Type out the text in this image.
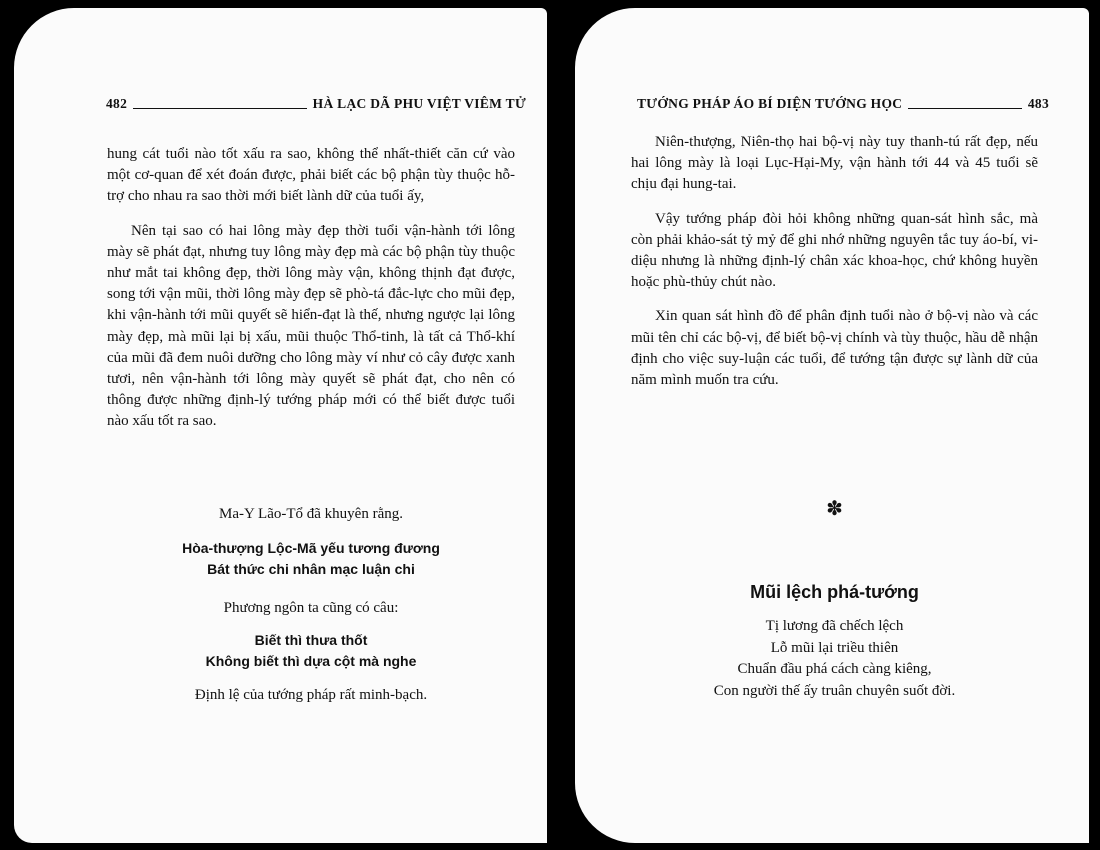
482	HÀ LẠC DÃ PHU VIỆT VIÊM TỬ

hung cát tuổi nào tốt xấu ra sao, không thể nhất-thiết căn cứ vào một cơ-quan để xét đoán được, phải biết các bộ phận tùy thuộc hỗ-trợ cho nhau ra sao thời mới biết lành dữ của tuổi ấy,

Nên tại sao có hai lông mày đẹp thời tuổi vận-hành tới lông mày sẽ phát đạt, nhưng tuy lông mày đẹp mà các bộ phận tùy thuộc như mắt tai không đẹp, thời lông mày vận, không thịnh đạt được, song tới vận mũi, thời lông mày đẹp sẽ phò-tá đắc-lực cho mũi đẹp, khi vận-hành tới mũi quyết sẽ hiển-đạt là thế, nhưng ngược lại lông mày đẹp, mà mũi lại bị xấu, mũi thuộc Thổ-tinh, là tất cả Thổ-khí của mũi đã đem nuôi dưỡng cho lông mày ví như cỏ cây được xanh tươi, nên vận-hành tới lông mày quyết sẽ phát đạt, cho nên có thông được những định-lý tướng pháp mới có thể biết được tuổi nào xấu tốt ra sao.

Ma-Y Lão-Tổ đã khuyên rằng.
Hòa-thượng Lộc-Mã yếu tương đương
Bát thức chi nhân mạc luận chi
Phương ngôn ta cũng có câu:
Biết thì thưa thốt
Không biết thì dựa cột mà nghe
Định lệ của tướng pháp rất minh-bạch.
TƯỚNG PHÁP ÁO BÍ DIỆN TƯỚNG HỌC	483

Niên-thượng, Niên-thọ hai bộ-vị này tuy thanh-tú rất đẹp, nếu hai lông mày là loại Lục-Hại-My, vận hành tới 44 và 45 tuổi sẽ chịu đại hung-tai.

Vậy tướng pháp đòi hỏi không những quan-sát hình sắc, mà còn phải khảo-sát tỷ mỷ để ghi nhớ những nguyên tắc tuy áo-bí, vi-diệu nhưng là những định-lý chân xác khoa-học, chứ không huyền hoặc phù-thủy chút nào.

Xin quan sát hình đồ để phân định tuổi nào ở bộ-vị nào và các mũi tên chỉ các bộ-vị, để biết bộ-vị chính và tùy thuộc, hầu dễ nhận định cho việc suy-luận các tuổi, để tướng tận được sự lành dữ của năm mình muốn tra cứu.

✽
Mũi lệch phá-tướng
Tị lương đã chếch lệch
Lỗ mũi lại triều thiên
Chuẩn đầu phá cách càng kiêng,
Con người thế ấy truân chuyên suốt đời.
